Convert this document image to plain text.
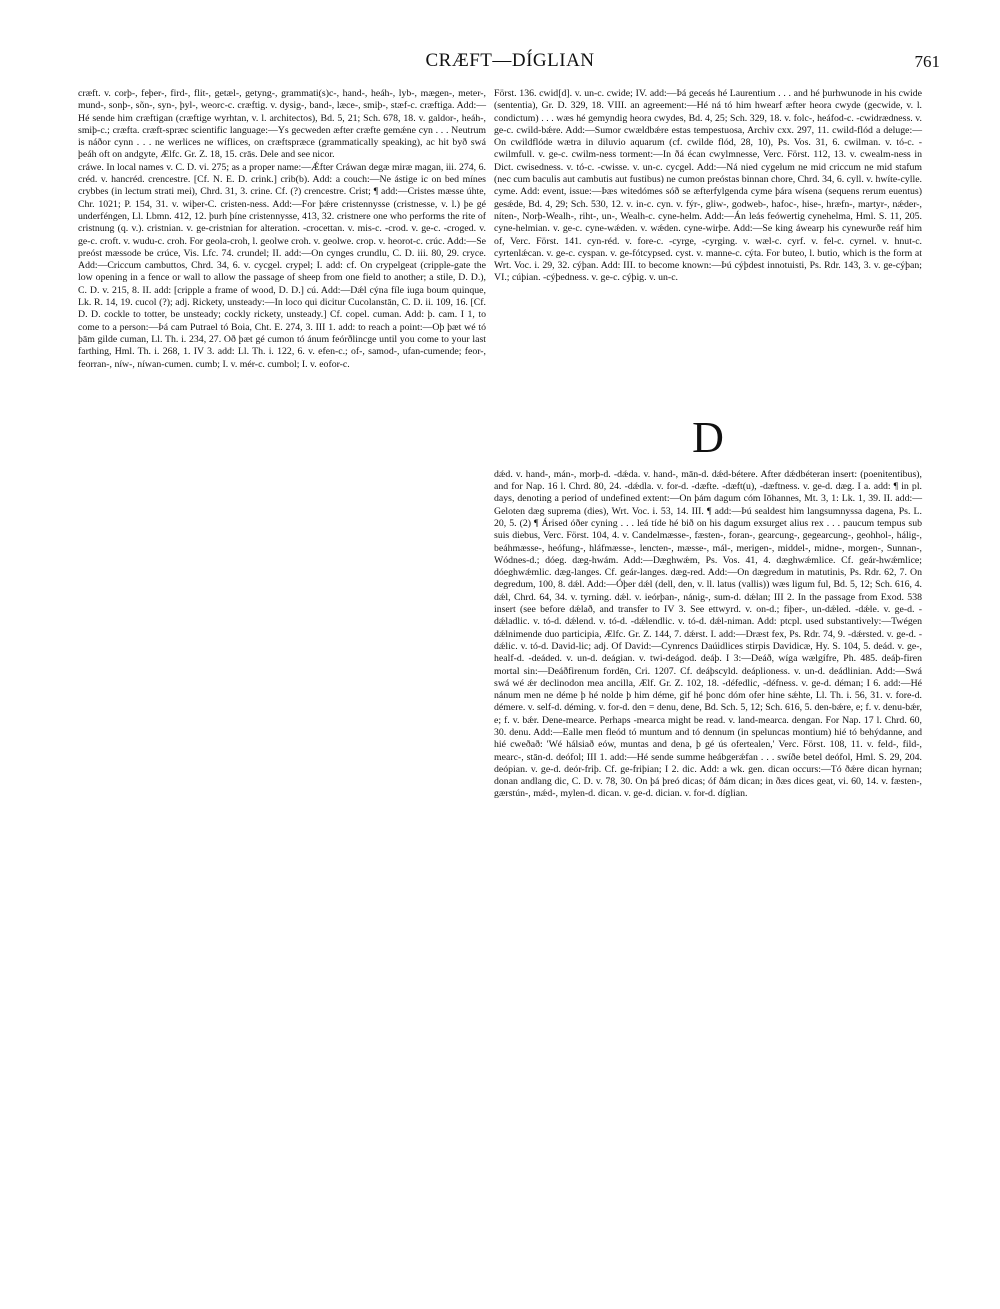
CRÆFT—DÍGLIAN	761

cræft. v. corþ-, feþer-, fird-, flit-, getæl-, getyng-, grammati(s)c-, hand-, heáh-, lyb-, mægen-, meter-, mund-, sonþ-, sõn-, syn-, þyl-, weorc-c. cræftig. v. dysig-, band-, læce-, smiþ-, stæf-c. cræftiga. Add:—Hé sende him cræftigan (cræftige wyrhtan, v. l. architectos), Bd. 5, 21; Sch. 678, 18. v. galdor-, heáh-, smiþ-c.; cræfta. cræft-spræc scientific language:—Ys gecweden æfter cræfte gemǽne cyn . . . Neutrum is náðor cynn . . . ne werlices ne wíflices, on cræftspræce (grammatically speaking), ac hit byð swá þeáh oft on andgyte, Ælfc. Gr. Z. 18, 15. crās. Dele and see nicor.

cráwe. In local names v. C. D. vi. 275; as a proper name:—Ǽfter Cráwan degæ miræ magan, iii. 274, 6. créd. v. hancréd. crencestre. [Cf. N. E. D. crink.] crib(b). Add: a couch:—Ne ástige ic on bed mínes crybbes (in lectum strati mei), Chrd. 31, 3. crine. Cf. (?) crencestre. Crist; ¶ add:—Cristes mæsse úhte, Chr. 1021; P. 154, 31. v. wiþer-C. cristen-ness. Add:—For þǽre cristennysse (cristnesse, v. l.) þe gé underféngen, Ll. Lbmn. 412, 12. þurh þíne cristennysse, 413, 32. cristnere one who performs the rite of cristnung (q. v.). cristnian. v. ge-cristnian for alteration. -crocettan. v. mis-c. -crod. v. ge-c. -croged. v. ge-c. croft. v. wudu-c. croh. For geola-croh, l. geolwe croh. v. geolwe. crop. v. heorot-c. crúc. Add:—Se preóst mæssode be crúce, Vis. Lfc. 74. crundel; II. add:—On cynges crundlu, C. D. iii. 80, 29. cryce. Add:—Criccum cambuttos, Chrd. 34, 6. v. cycgel. crypel; I. add: cf. On crypelgeat (cripple-gate the low opening in a fence or wall to allow the passage of sheep from one field to another; a stile, D. D.), C. D. v. 215, 8. II. add: [cripple a frame of wood, D. D.] cú. Add:—Dǽl cýna fíle iuga boum quinque, Lk. R. 14, 19. cucol (?); adj. Rickety, unsteady:—In loco qui dicitur Cucolanstān, C. D. ii. 109, 16. [Cf. D. D. cockle to totter, be unsteady; cockly rickety, unsteady.] Cf. copel. cuman. Add: þ. cam. I 1, to come to a person:—Þá cam Putrael tó Boia, Cht. E. 274, 3. III 1. add: to reach a point:—Oþ þæt wé tó þām gilde cuman, Ll. Th. i. 234, 27. Oð þæt gé cumon tó ánum feórðlincge until you come to your last farthing, Hml. Th. i. 268, 1. IV 3. add: Ll. Th. i. 122, 6. v. efen-c.; of-, samod-, ufan-cumende; feor-, feorran-, níw-, níwan-cumen. cumb; I. v. mér-c. cumbol; I. v. eofor-c.

Först. 136. cwid[d]. v. un-c. cwide; IV. add:—Þá geceás hé Laurentium . . . and hé þurhwunode in his cwide (sententia), Gr. D. 329, 18. VIII. an agreement:—Hé ná tó him hwearf æfter heora cwyde (gecwide, v. l. condictum) . . . wæs hé gemyndig heora cwydes, Bd. 4, 25; Sch. 329, 18. v. folc-, heáfod-c. -cwidrædness. v. ge-c. cwild-bǽre. Add:—Sumor cwældbǽre estas tempestuosa, Archiv cxx. 297, 11. cwild-flód a deluge:—On cwildflóde wætra in diluvio aquarum (cf. cwilde flód, 28, 10), Ps. Vos. 31, 6. cwilman. v. tó-c. -cwilmfull. v. ge-c. cwilm-ness torment:—In ðá écan cwylmnesse, Verc. Först. 112, 13. v. cwealm-ness in Dict. cwisedness. v. tó-c. -cwisse. v. un-c. cycgel. Add:—Ná nied cygelum ne mid criccum ne mid stafum (nec cum baculis aut cambutis aut fustibus) ne cumon preóstas binnan chore, Chrd. 34, 6. cyll. v. hwíte-cylle. cyme. Add: event, issue:—Þæs witedómes sóð se æfterfylgenda cyme þára wísena (sequens rerum euentus) gesǽde, Bd. 4, 29; Sch. 530, 12. v. in-c. cyn. v. fýr-, gliw-, godweb-, hafoc-, hise-, hræfn-, martyr-, nǽder-, níten-, Norþ-Wealh-, riht-, un-, Wealh-c. cyne-helm. Add:—Án leás feówertig cynehelma, Hml. S. 11, 205. cyne-helmian. v. ge-c. cyne-wǽden. v. wǽden. cyne-wirþe. Add:—Se king áwearp his cynewurðe reáf him of, Verc. Först. 141. cyn-réd. v. fore-c. -cyrge, -cyrging. v. wæl-c. cyrf. v. fel-c. cyrnel. v. hnut-c. cyrtenlǽcan. v. ge-c. cyspan. v. ge-fótcypsed. cyst. v. manne-c. cýta. For buteo, l. butio, which is the form at Wrt. Voc. i. 29, 32. cýþan. Add: III. to become known:—Þú cýþdest innotuisti, Ps. Rdr. 143, 3. v. ge-cýþan; VI.; cúþian. -cýþedness. v. ge-c. cýþig. v. un-c.

D

dǽd. v. hand-, mán-, morþ-d. -dǽda. v. hand-, mān-d. dǽd-bétere. After dǽdbéteran insert: (poenitentibus), and for Nap. 16 l. Chrd. 80, 24. -dǽdla. v. for-d. -dæfte. -dæft(u), -dæftness. v. ge-d. dæg. I a. add: ¶ in pl. days, denoting a period of undefined extent:—On þám dagum cóm Iōhannes, Mt. 3, 1: Lk. 1, 39. II. add:—Geloten dæg suprema (dies), Wrt. Voc. i. 53, 14. III. ¶ add:—Þú sealdest him langsumnyssa dagena, Ps. L. 20, 5. (2) ¶ Árised óðer cyning . . . leá tíde hé bið on his dagum exsurget alius rex . . . paucum tempus sub suis diebus, Verc. Först. 104, 4. v. Candelmæsse-, fæsten-, foran-, gearcung-, gegearcung-, geohhol-, hálig-, beáhmæsse-, heófung-, hláfmæsse-, lencten-, mæsse-, mál-, merigen-, middel-, midne-, morgen-, Sunnan-, Wódnes-d.; dóeg. dæg-hwám. Add:—Dæghwǽm, Ps. Vos. 41, 4. dæghwǽmlice. Cf. geár-hwǽmlice; dóeghwǽmlic. dæg-langes. Cf. geár-langes. dæg-red. Add:—On dægredum in matutinis, Ps. Rdr. 62, 7. On degredum, 100, 8. dǽl. Add:—Óþer dǽl (dell, den, v. ll. latus (vallis)) wæs ligum ful, Bd. 5, 12; Sch. 616, 4. dǽl, Chrd. 64, 34. v. tyrning. dǽl. v. ieórþan-, nánig-, sum-d. dǽlan; III 2. In the passage from Exod. 538 insert (see before dǽlað, and transfer to IV 3. See ettwyrd. v. on-d.; fiþer-, un-dǽled. -dǽle. v. ge-d. -dǽladlic. v. tó-d. dǽlend. v. tó-d. -dǽlendlic. v. tó-d. dǽl-niman. Add: ptcpl. used substantively:—Twégen dǽlnimende duo participia, Ælfc. Gr. Z. 144, 7. dǽrst. I. add:—Dræst fex, Ps. Rdr. 74, 9. -dǽrsted. v. ge-d. -dǽlic. v. tó-d. David-lic; adj. Of David:—Cynrencs Daúidlices stirpis Davidicæ, Hy. S. 104, 5. deád. v. ge-, healf-d. -deáded. v. un-d. deágian. v. twi-deágod. deáþ. I 3:—Deáð, wíga wælgífre, Ph. 485. deáþ-firen mortal sin:—Deáðfirenum fordēn, Cri. 1207. Cf. deáþscyld. deáplioness. v. un-d. deádlinian. Add:—Swá swá wé ǽr declinodon mea ancilla, Ælf. Gr. Z. 102, 18. -défedlic, -défness. v. ge-d. déman; I 6. add:—Hé nánum men ne déme þ hé nolde þ him déme, gif hé þonc dóm ofer hine sǽhte, Ll. Th. i. 56, 31. v. fore-d. démere. v. self-d. déming. v. for-d. den = denu, dene, Bd. Sch. 5, 12; Sch. 616, 5. den-bǽre, e; f. v. denu-bǽr, e; f. v. bǽr. Dene-mearce. Perhaps -mearca might be read. v. land-mearca. dengan. For Nap. 17 l. Chrd. 60, 30. denu. Add:—Ealle men fleód tó muntum and tó dennum (in speluncas montium) hié tó behýdanne, and hié cweðað: 'Wé hálsiað eów, muntas and dena, þ gé ús ofertealen,' Verc. Först. 108, 11. v. feld-, fild-, mearc-, stān-d. deófol; III 1. add:—Hé sende summe heábgerǽfan . . . swíðe betel deófol, Hml. S. 29, 204. deópian. v. ge-d. deór-friþ. Cf. ge-friþian; I 2. dic. Add: a wk. gen. dican occurs:—Tó ðǽre dican hyrnan; donan andlang dic, C. D. v. 78, 30. On þá þreó dicas; óf ðám dican; in ðæs dices geat, vi. 60, 14. v. fæsten-, gærstún-, mǽd-, mylen-d. dican. v. ge-d. dician. v. for-d. díglian.
